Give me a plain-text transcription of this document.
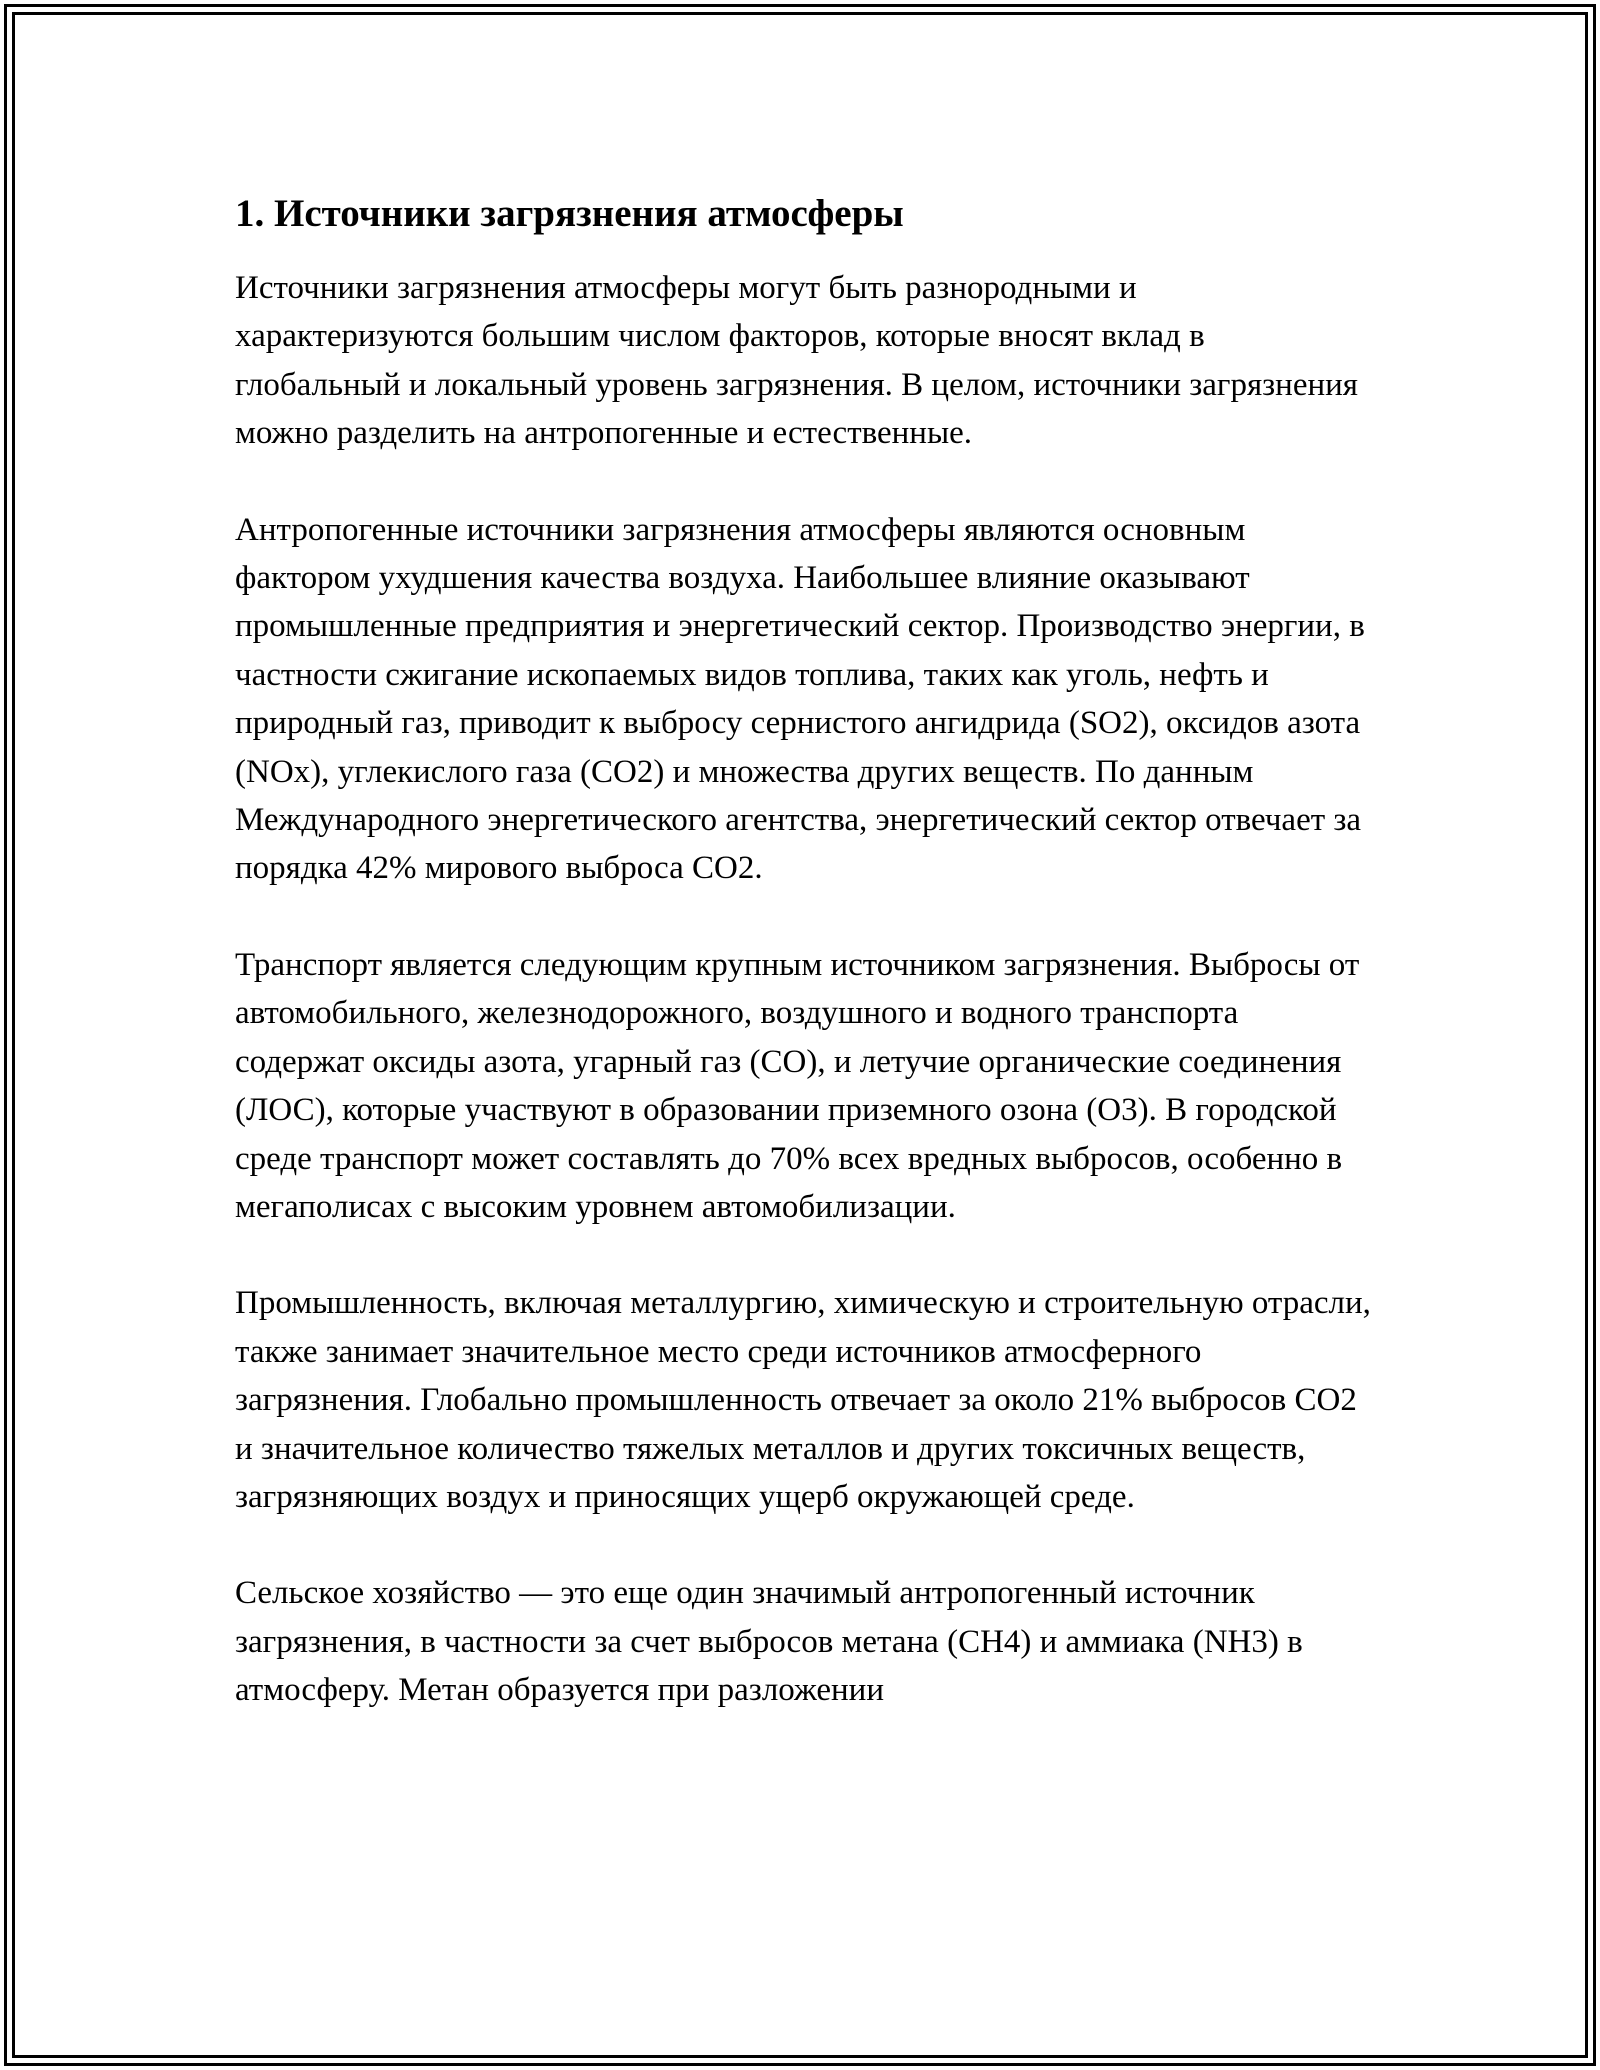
1. Источники загрязнения атмосферы

Источники загрязнения атмосферы могут быть разнородными и характеризуются большим числом факторов, которые вносят вклад в глобальный и локальный уровень загрязнения. В целом, источники загрязнения можно разделить на антропогенные и естественные.

Антропогенные источники загрязнения атмосферы являются основным фактором ухудшения качества воздуха. Наибольшее влияние оказывают промышленные предприятия и энергетический сектор. Производство энергии, в частности сжигание ископаемых видов топлива, таких как уголь, нефть и природный газ, приводит к выбросу сернистого ангидрида (SO2), оксидов азота (NOx), углекислого газа (CO2) и множества других веществ. По данным Международного энергетического агентства, энергетический сектор отвечает за порядка 42% мирового выброса CO2.

Транспорт является следующим крупным источником загрязнения. Выбросы от автомобильного, железнодорожного, воздушного и водного транспорта содержат оксиды азота, угарный газ (CO), и летучие органические соединения (ЛОС), которые участвуют в образовании приземного озона (O3). В городской среде транспорт может составлять до 70% всех вредных выбросов, особенно в мегаполисах с высоким уровнем автомобилизации.

Промышленность, включая металлургию, химическую и строительную отрасли, также занимает значительное место среди источников атмосферного загрязнения. Глобально промышленность отвечает за около 21% выбросов CO2 и значительное количество тяжелых металлов и других токсичных веществ, загрязняющих воздух и приносящих ущерб окружающей среде.

Сельское хозяйство — это еще один значимый антропогенный источник загрязнения, в частности за счет выбросов метана (CH4) и аммиака (NH3) в атмосферу. Метан образуется при разложении
